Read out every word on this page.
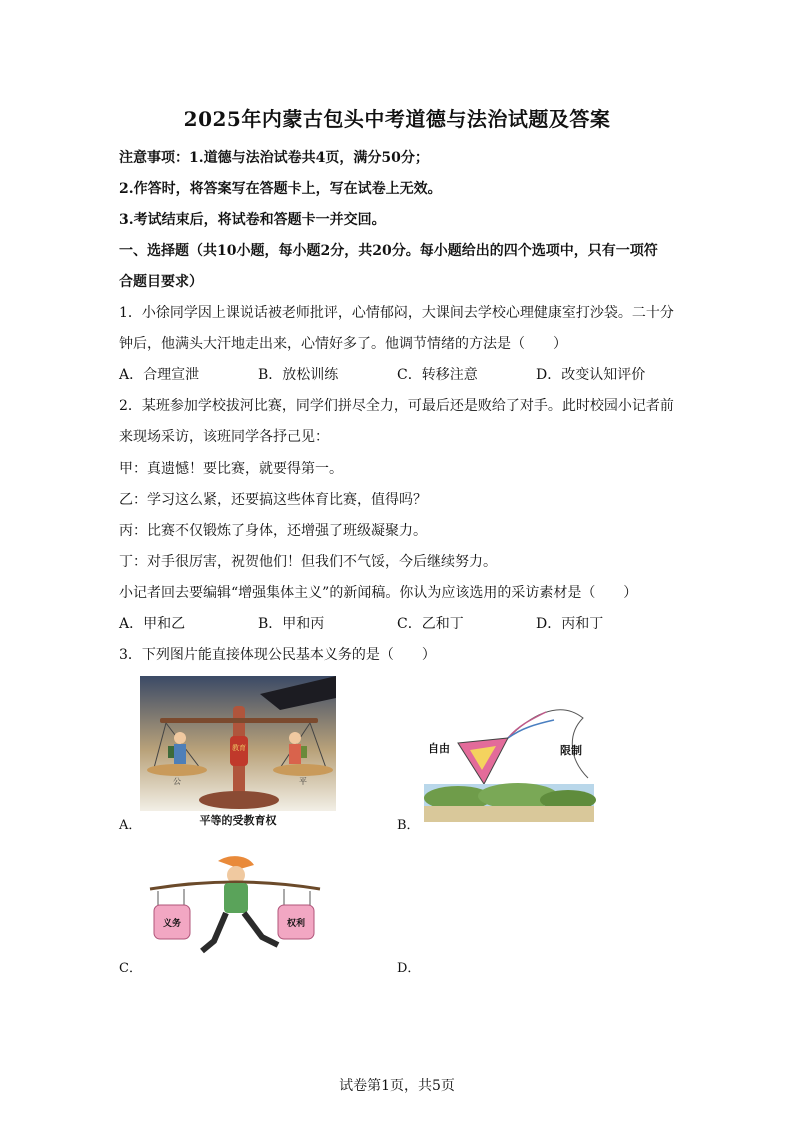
2025年内蒙古包头中考道德与法治试题及答案
注意事项：1.道德与法治试卷共4页，满分50分；
2.作答时，将答案写在答题卡上，写在试卷上无效。
3.考试结束后，将试卷和答题卡一并交回。
一、选择题（共10小题，每小题2分，共20分。每小题给出的四个选项中，只有一项符
合题目要求）
1．小徐同学因上课说话被老师批评，心情郁闷，大课间去学校心理健康室打沙袋。二十分
钟后，他满头大汗地走出来，心情好多了。他调节情绪的方法是（　　）
A．合理宣泄	B．放松训练	C．转移注意	D．改变认知评价
2．某班参加学校拔河比赛，同学们拼尽全力，可最后还是败给了对手。此时校园小记者前
来现场采访，该班同学各抒己见：
甲：真遗憾！要比赛，就要得第一。
乙：学习这么紧，还要搞这些体育比赛，值得吗？
丙：比赛不仅锻炼了身体，还增强了班级凝聚力。
丁：对手很厉害，祝贺他们！但我们不气馁，今后继续努力。
小记者回去要编辑“增强集体主义”的新闻稿。你认为应该选用的采访素材是（　　）
A．甲和乙	B．甲和丙	C．乙和丁	D．丙和丁
3．下列图片能直接体现公民基本义务的是（　　）
教育
公	平
平等的受教育权
A．
自由	限制
B．
义务	权利
C．	D．
试卷第1页，共5页
